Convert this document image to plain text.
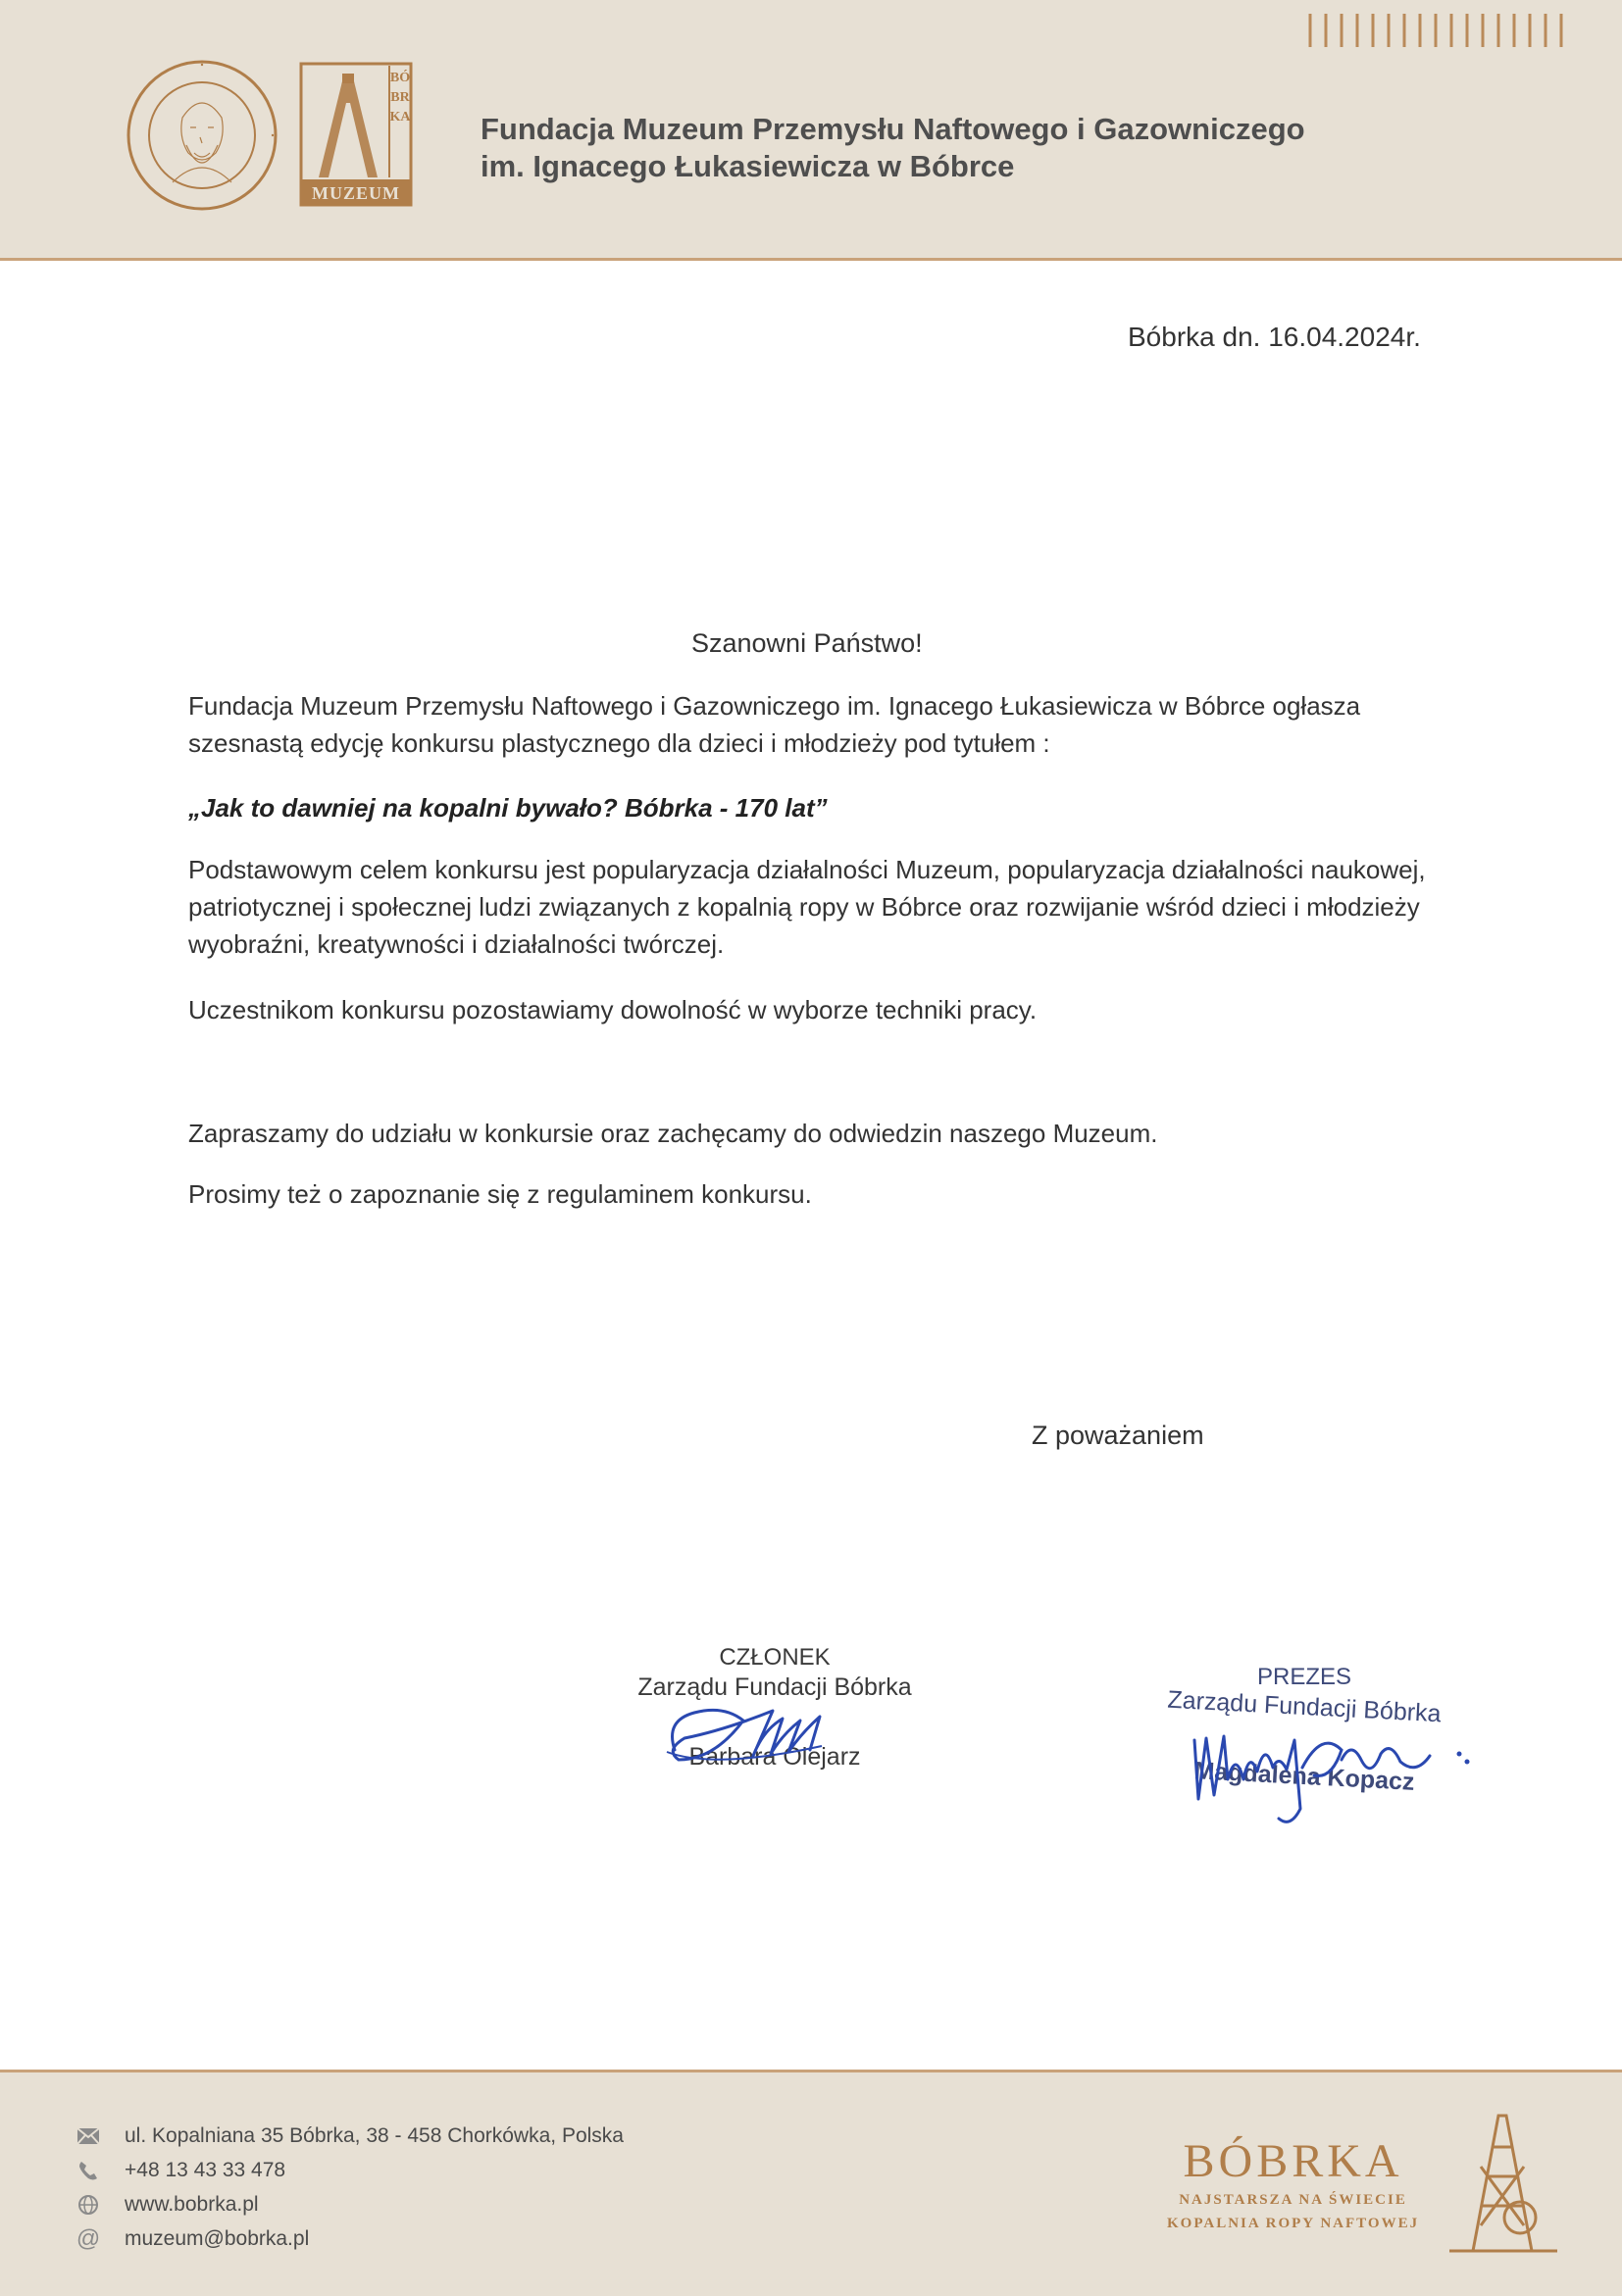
BÓBRKA
MUZEUM
Fundacja Muzeum Przemysłu Naftowego i Gazowniczego
im. Ignacego Łukasiewicza w Bóbrce
Bóbrka dn. 16.04.2024r.
Szanowni Państwo!
Fundacja Muzeum Przemysłu Naftowego i Gazowniczego im. Ignacego Łukasiewicza w Bóbrce ogłasza szesnastą edycję konkursu plastycznego dla dzieci i młodzieży pod tytułem :
„Jak to dawniej na kopalni bywało? Bóbrka - 170 lat”
Podstawowym celem konkursu jest popularyzacja działalności Muzeum, popularyzacja działalności naukowej, patriotycznej i społecznej ludzi związanych z kopalnią ropy w Bóbrce oraz rozwijanie wśród dzieci i młodzieży wyobraźni, kreatywności i działalności twórczej.
Uczestnikom konkursu pozostawiamy dowolność w wyborze techniki pracy.
Zapraszamy do udziału w konkursie oraz zachęcamy do odwiedzin naszego Muzeum.
Prosimy też o zapoznanie się z regulaminem konkursu.
Z poważaniem
CZŁONEK
Zarządu Fundacji Bóbrka
Barbara Olejarz
PREZES
Zarządu Fundacji Bóbrka
Magdalena Kopacz
ul. Kopalniana 35 Bóbrka, 38 - 458 Chorkówka, Polska
+48 13 43 33 478
www.bobrka.pl
@ muzeum@bobrka.pl
BÓBRKA
NAJSTARSZA NA ŚWIECIE
KOPALNIA ROPY NAFTOWEJ
